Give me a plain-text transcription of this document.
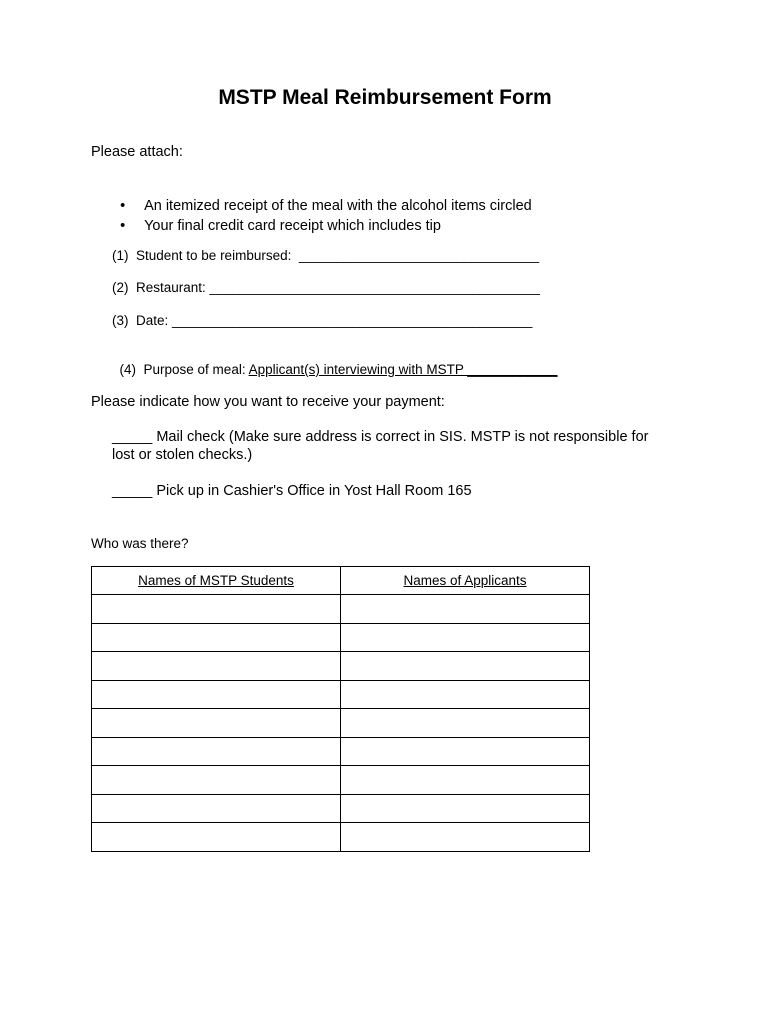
MSTP Meal Reimbursement Form
Please attach:

• An itemized receipt of the meal with the alcohol items circled

• Your final credit card receipt which includes tip

(1)  Student to be reimbursed:  ________________________________
(2)  Restaurant: ____________________________________________
(3)  Date: ________________________________________________

(4)  Purpose of meal: Applicant(s) interviewing with MSTP ____________

Please indicate how you want to receive your payment:
_____ Mail check (Make sure address is correct in SIS. MSTP is not responsible for
lost or stolen checks.)
_____ Pick up in Cashier's Office in Yost Hall Room 165
Who was there?
Names of MSTP Students	Names of Applicants
